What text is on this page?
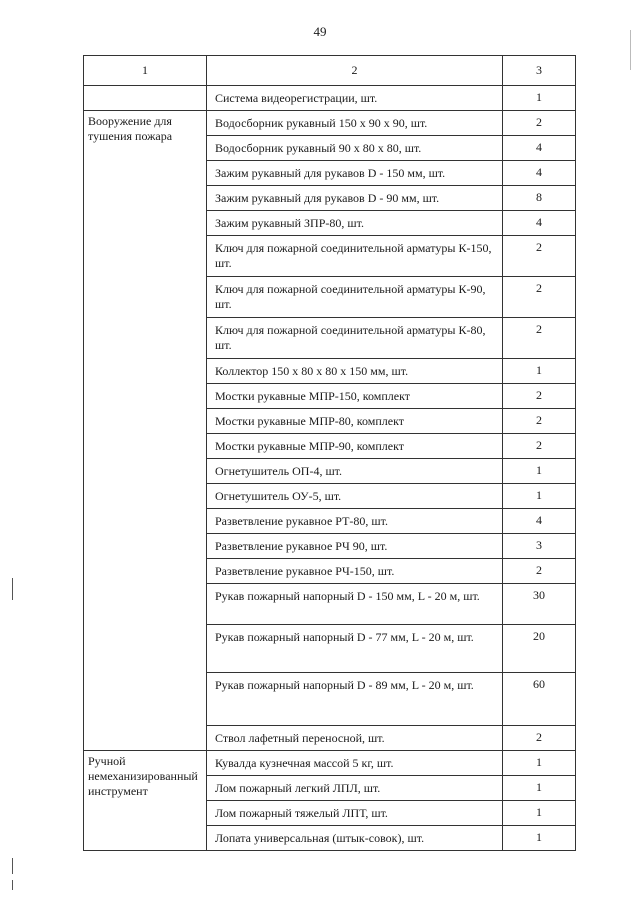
49
1	2	3
	Система видеорегистрации, шт.	1
Вооружение для тушения пожара	Водосборник рукавный 150 х 90 х 90, шт.	2
	Водосборник рукавный 90 х 80 х 80, шт.	4
	Зажим рукавный для рукавов D - 150 мм, шт.	4
	Зажим рукавный для рукавов D - 90 мм, шт.	8
	Зажим рукавный ЗПР-80, шт.	4
	Ключ для пожарной соединительной арматуры К-150, шт.	2
	Ключ для пожарной соединительной арматуры К-90, шт.	2
	Ключ для пожарной соединительной арматуры К-80, шт.	2
	Коллектор 150 х 80 х 80 х 150 мм, шт.	1
	Мостки рукавные МПР-150, комплект	2
	Мостки рукавные МПР-80, комплект	2
	Мостки рукавные МПР-90, комплект	2
	Огнетушитель ОП-4, шт.	1
	Огнетушитель ОУ-5, шт.	1
	Разветвление рукавное РТ-80, шт.	4
	Разветвление рукавное РЧ 90, шт.	3
	Разветвление рукавное РЧ-150, шт.	2
	Рукав пожарный напорный D - 150 мм, L - 20 м, шт.	30
	Рукав пожарный напорный D - 77 мм, L - 20 м, шт.	20
	Рукав пожарный напорный D - 89 мм, L - 20 м, шт.	60
	Ствол лафетный переносной, шт.	2
Ручной немеханизированный инструмент	Кувалда кузнечная массой 5 кг, шт.	1
	Лом пожарный легкий ЛПЛ, шт.	1
	Лом пожарный тяжелый ЛПТ, шт.	1
	Лопата универсальная (штык-совок), шт.	1
